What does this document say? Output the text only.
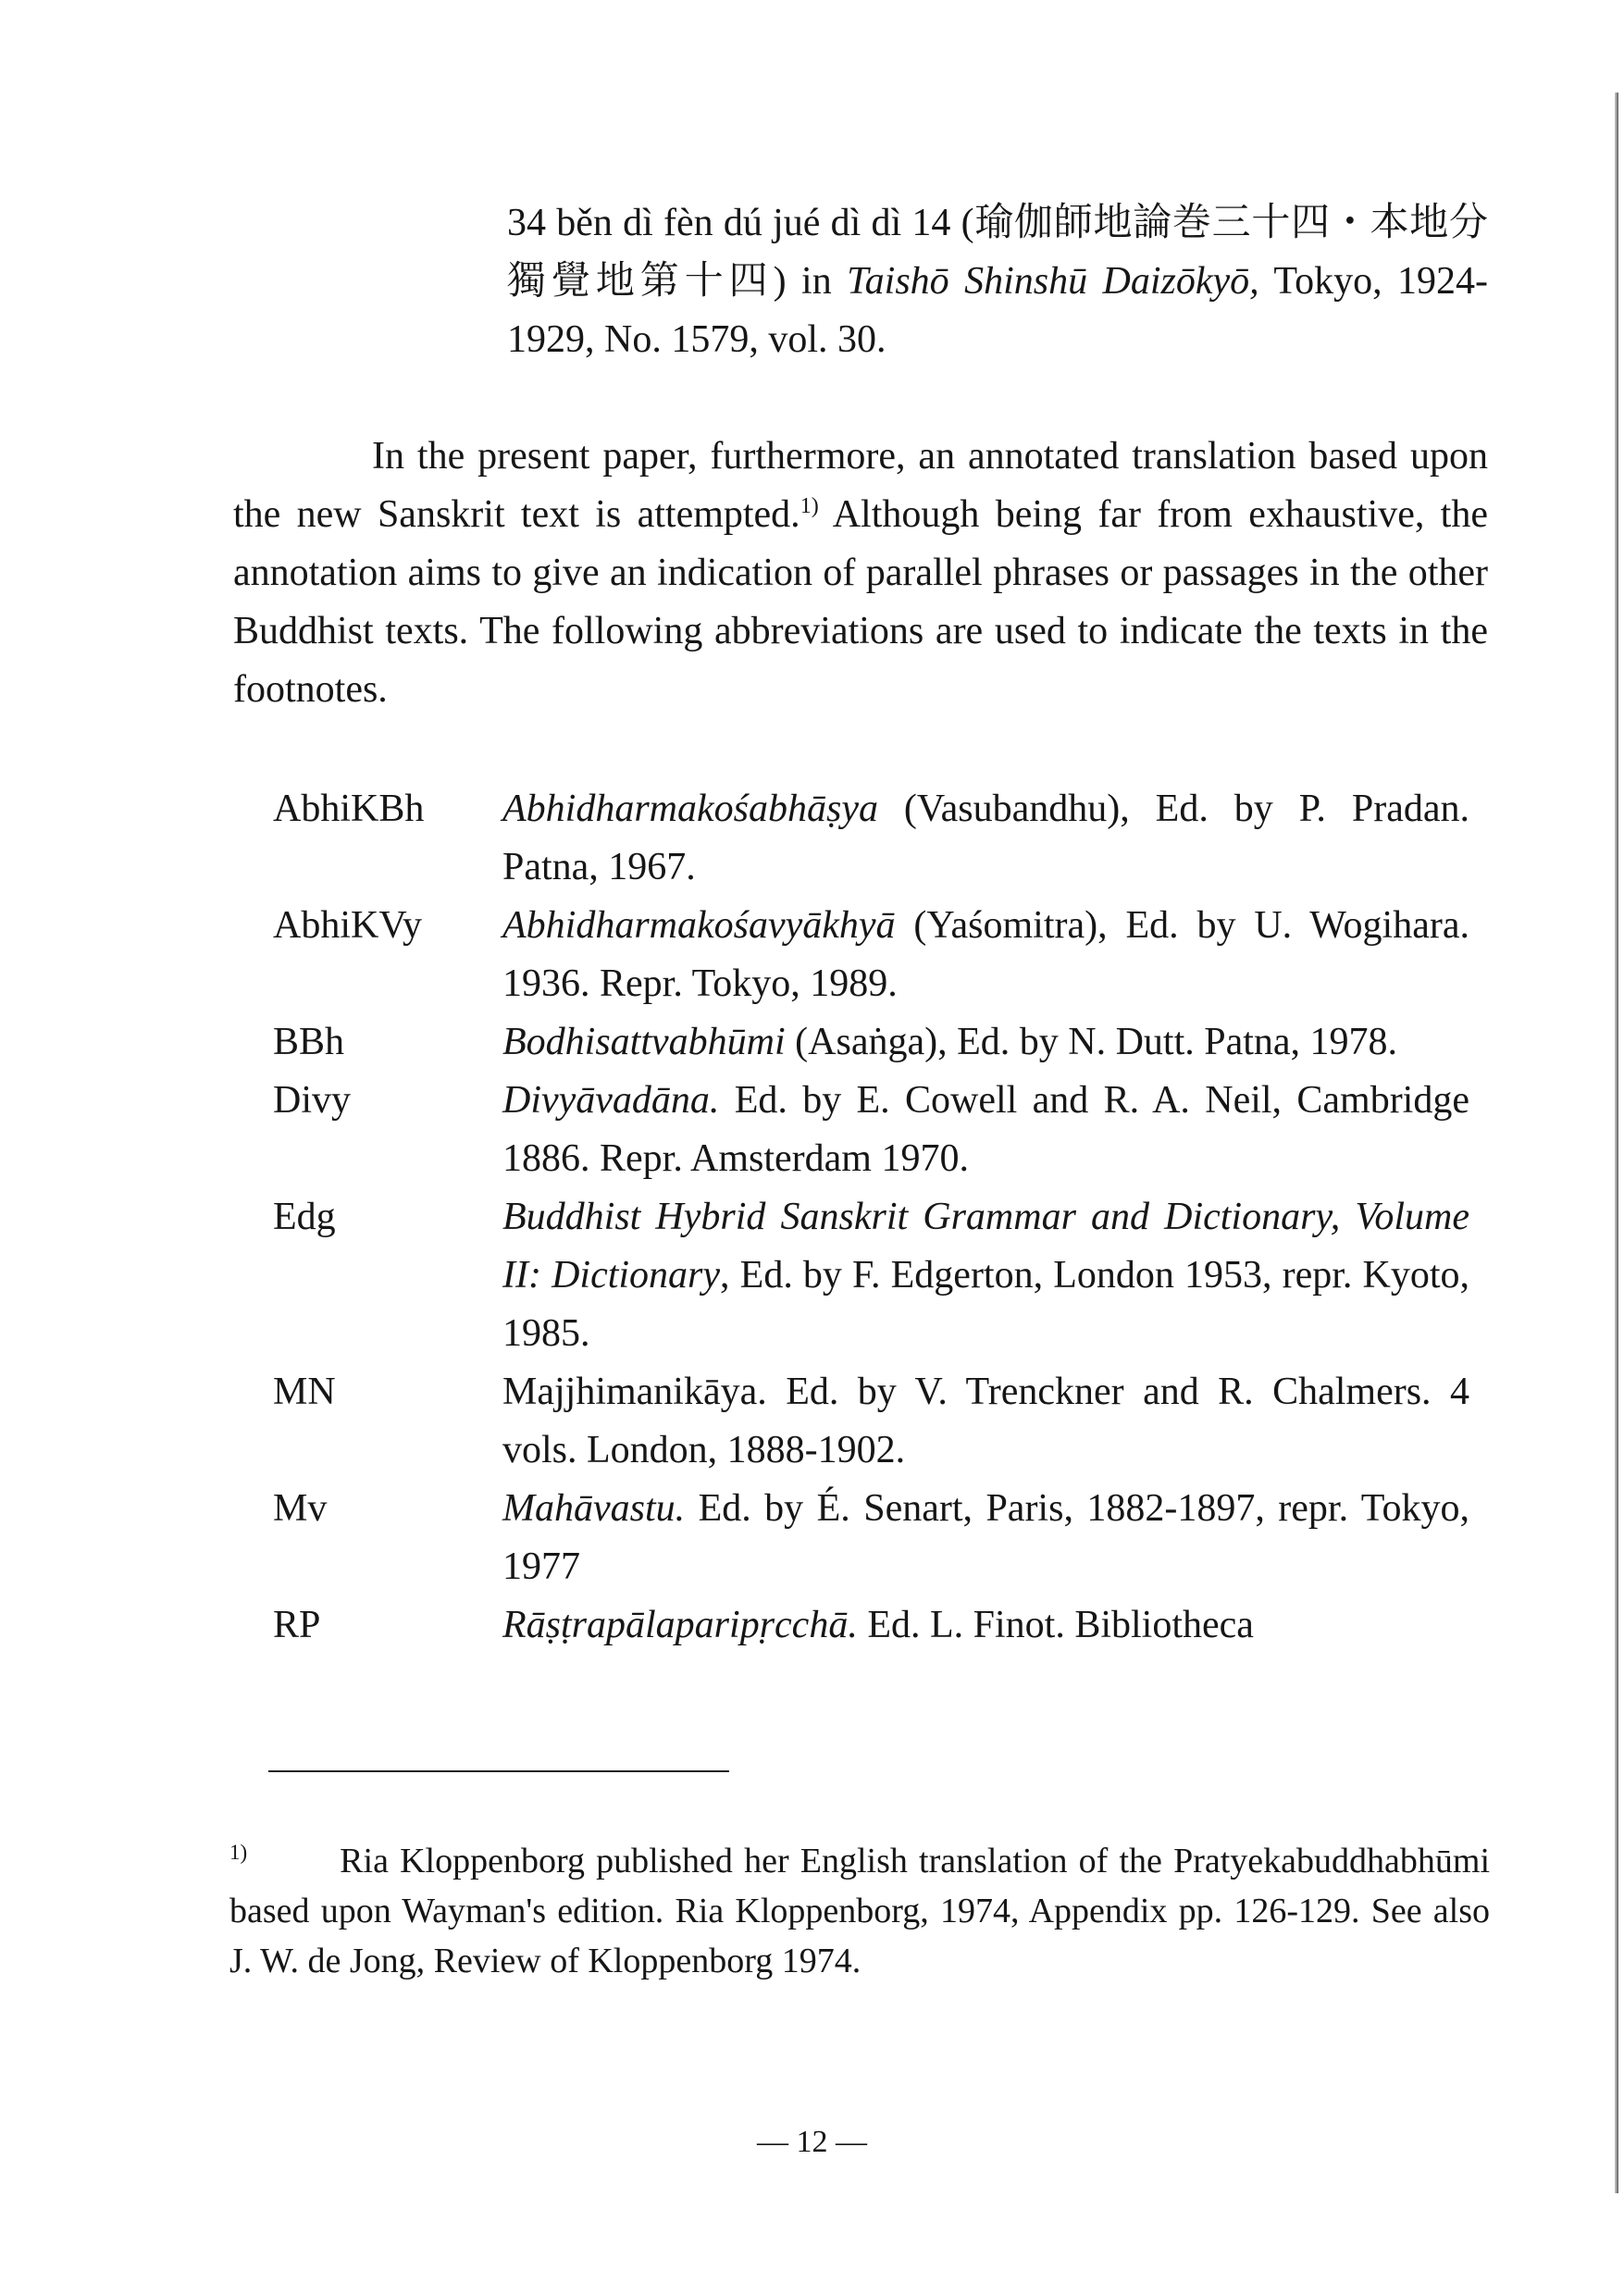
34 běn dì fèn dú jué dì dì 14 (瑜伽師地論巻三十四・本地分獨覺地第十四) in Taishō Shinshū Daizōkyō, Tokyo, 1924-1929, No. 1579, vol. 30.
In the present paper, furthermore, an annotated translation based upon the new Sanskrit text is attempted.$^{1)}$ Although being far from exhaustive, the annotation aims to give an indication of parallel phrases or passages in the other Buddhist texts. The following abbreviations are used to indicate the texts in the footnotes.
AbhiKBh	Abhidharmakośabhāṣya (Vasubandhu), Ed. by P. Pradan. Patna, 1967.
AbhiKVy	Abhidharmakośavyākhyā (Yaśomitra), Ed. by U. Wogihara. 1936. Repr. Tokyo, 1989.
BBh	Bodhisattvabhūmi (Asaṅga), Ed. by N. Dutt. Patna, 1978.
Divy	Divyāvadāna. Ed. by E. Cowell and R. A. Neil, Cambridge 1886. Repr. Amsterdam 1970.
Edg	Buddhist Hybrid Sanskrit Grammar and Dictionary, Volume II: Dictionary, Ed. by F. Edgerton, London 1953, repr. Kyoto, 1985.
MN	Majjhimanikāya. Ed. by V. Trenckner and R. Chalmers. 4 vols. London, 1888-1902.
Mv	Mahāvastu. Ed. by É. Senart, Paris, 1882-1897, repr. Tokyo, 1977
RP	Rāṣṭrapālaparipṛcchā. Ed. L. Finot. Bibliotheca
$^{1)}$	Ria Kloppenborg published her English translation of the Pratyekabuddhabhūmi based upon Wayman's edition. Ria Kloppenborg, 1974, Appendix pp. 126-129. See also J. W. de Jong, Review of Kloppenborg 1974.
— 12 —
